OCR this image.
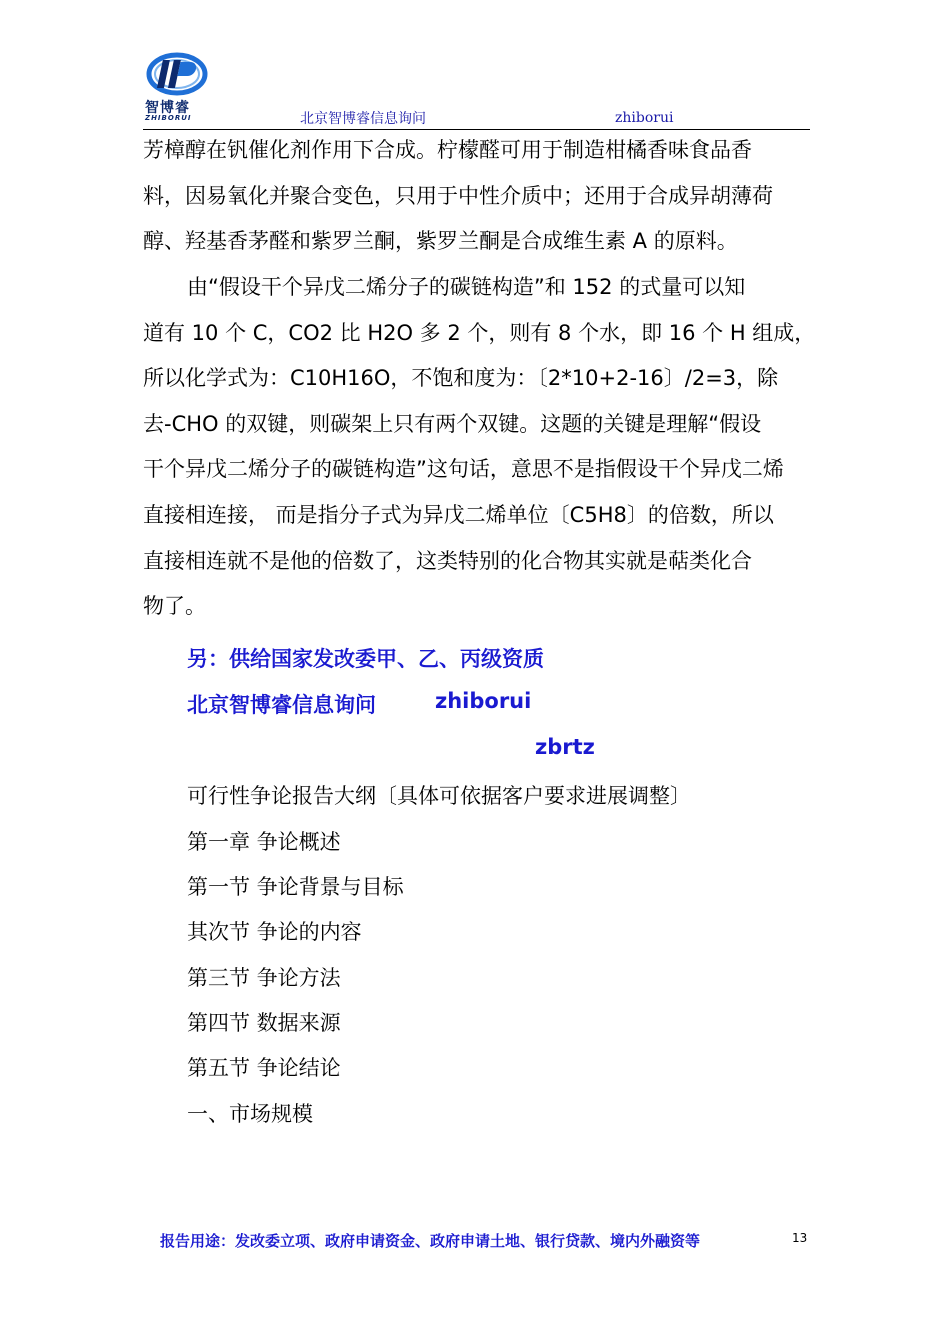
智博睿
ZHIBORUI	北京智博睿信息询问	zhiborui
芳樟醇在钒催化剂作用下合成。柠檬醛可用于制造柑橘香味食品香
料，因易氧化并聚合变色，只用于中性介质中；还用于合成异胡薄荷
醇、羟基香茅醛和紫罗兰酮，紫罗兰酮是合成维生素 A 的原料。
由“假设干个异戊二烯分子的碳链构造”和 152 的式量可以知
道有 10 个 C，CO2 比 H2O 多 2 个，则有 8 个水，即 16 个 H 组成，
所以化学式为：C10H16O，不饱和度为：〔2*10+2-16〕/2=3，除
去-CHO 的双键，则碳架上只有两个双键。这题的关键是理解“假设
干个异戊二烯分子的碳链构造”这句话，意思不是指假设干个异戊二烯
直接相连接， 而是指分子式为异戊二烯单位〔C5H8〕的倍数，所以
直接相连就不是他的倍数了，这类特别的化合物其实就是萜类化合
物了。
另：供给国家发改委甲、乙、丙级资质
北京智博睿信息询问	zhiborui
zbrtz
可行性争论报告大纲〔具体可依据客户要求进展调整〕
第一章 争论概述
第一节 争论背景与目标
其次节 争论的内容
第三节 争论方法
第四节 数据来源
第五节 争论结论
一、市场规模
报告用途：发改委立项、政府申请资金、政府申请土地、银行贷款、境内外融资等	13
